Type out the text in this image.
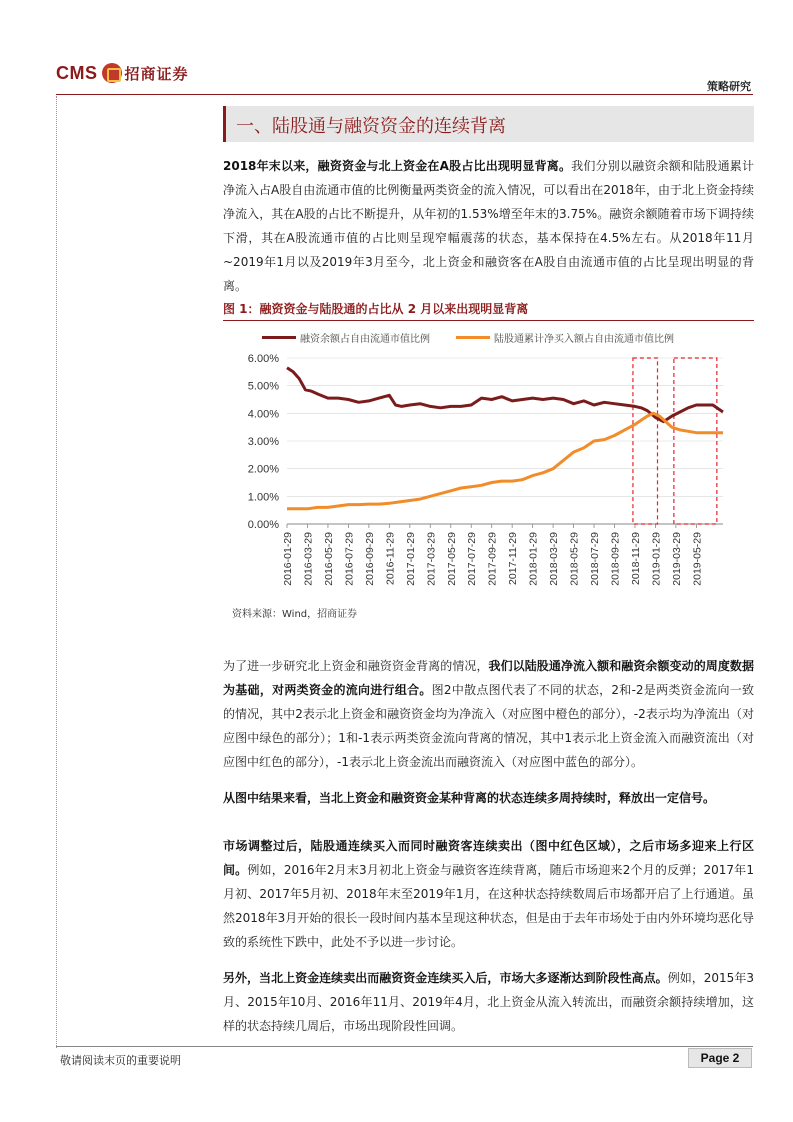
CMS 招商证券
策略研究
一、陆股通与融资资金的连续背离
2018年末以来，融资资金与北上资金在A股占比出现明显背离。我们分别以融资余额和陆股通累计净流入占A股自由流通市值的比例衡量两类资金的流入情况，可以看出在2018年，由于北上资金持续净流入，其在A股的占比不断提升，从年初的1.53%增至年末的3.75%。融资余额随着市场下调持续下滑，其在A股流通市值的占比则呈现窄幅震荡的状态，基本保持在4.5%左右。从2018年11月~2019年1月以及2019年3月至今，北上资金和融资客在A股自由流通市值的占比呈现出明显的背离。
图 1：融资资金与陆股通的占比从 2 月以来出现明显背离
融资余额占自由流通市值比例	陆股通累计净买入额占自由流通市值比例
0.00%
1.00%
2.00%
3.00%
4.00%
5.00%
6.00%
2016-01-29 2016-03-29 2016-05-29 2016-07-29 2016-09-29 2016-11-29 2017-01-29 2017-03-29 2017-05-29 2017-07-29 2017-09-29 2017-11-29 2018-01-29 2018-03-29 2018-05-29 2018-07-29 2018-09-29 2018-11-29 2019-01-29 2019-03-29 2019-05-29
资料来源：Wind，招商证券
为了进一步研究北上资金和融资资金背离的情况，我们以陆股通净流入额和融资余额变动的周度数据为基础，对两类资金的流向进行组合。图2中散点图代表了不同的状态，2和-2是两类资金流向一致的情况，其中2表示北上资金和融资资金均为净流入（对应图中橙色的部分），-2表示均为净流出（对应图中绿色的部分）；1和-1表示两类资金流向背离的情况，其中1表示北上资金流入而融资流出（对应图中红色的部分），-1表示北上资金流出而融资流入（对应图中蓝色的部分）。
从图中结果来看，当北上资金和融资资金某种背离的状态连续多周持续时，释放出一定信号。
市场调整过后，陆股通连续买入而同时融资客连续卖出（图中红色区域），之后市场多迎来上行区间。例如，2016年2月末3月初北上资金与融资客连续背离，随后市场迎来2个月的反弹；2017年1月初、2017年5月初、2018年末至2019年1月，在这种状态持续数周后市场都开启了上行通道。虽然2018年3月开始的很长一段时间内基本呈现这种状态，但是由于去年市场处于由内外环境均恶化导致的系统性下跌中，此处不予以进一步讨论。
另外，当北上资金连续卖出而融资资金连续买入后，市场大多逐渐达到阶段性高点。例如，2015年3月、2015年10月、2016年11月、2019年4月，北上资金从流入转流出，而融资余额持续增加，这样的状态持续几周后，市场出现阶段性回调。
敬请阅读末页的重要说明	Page 2
